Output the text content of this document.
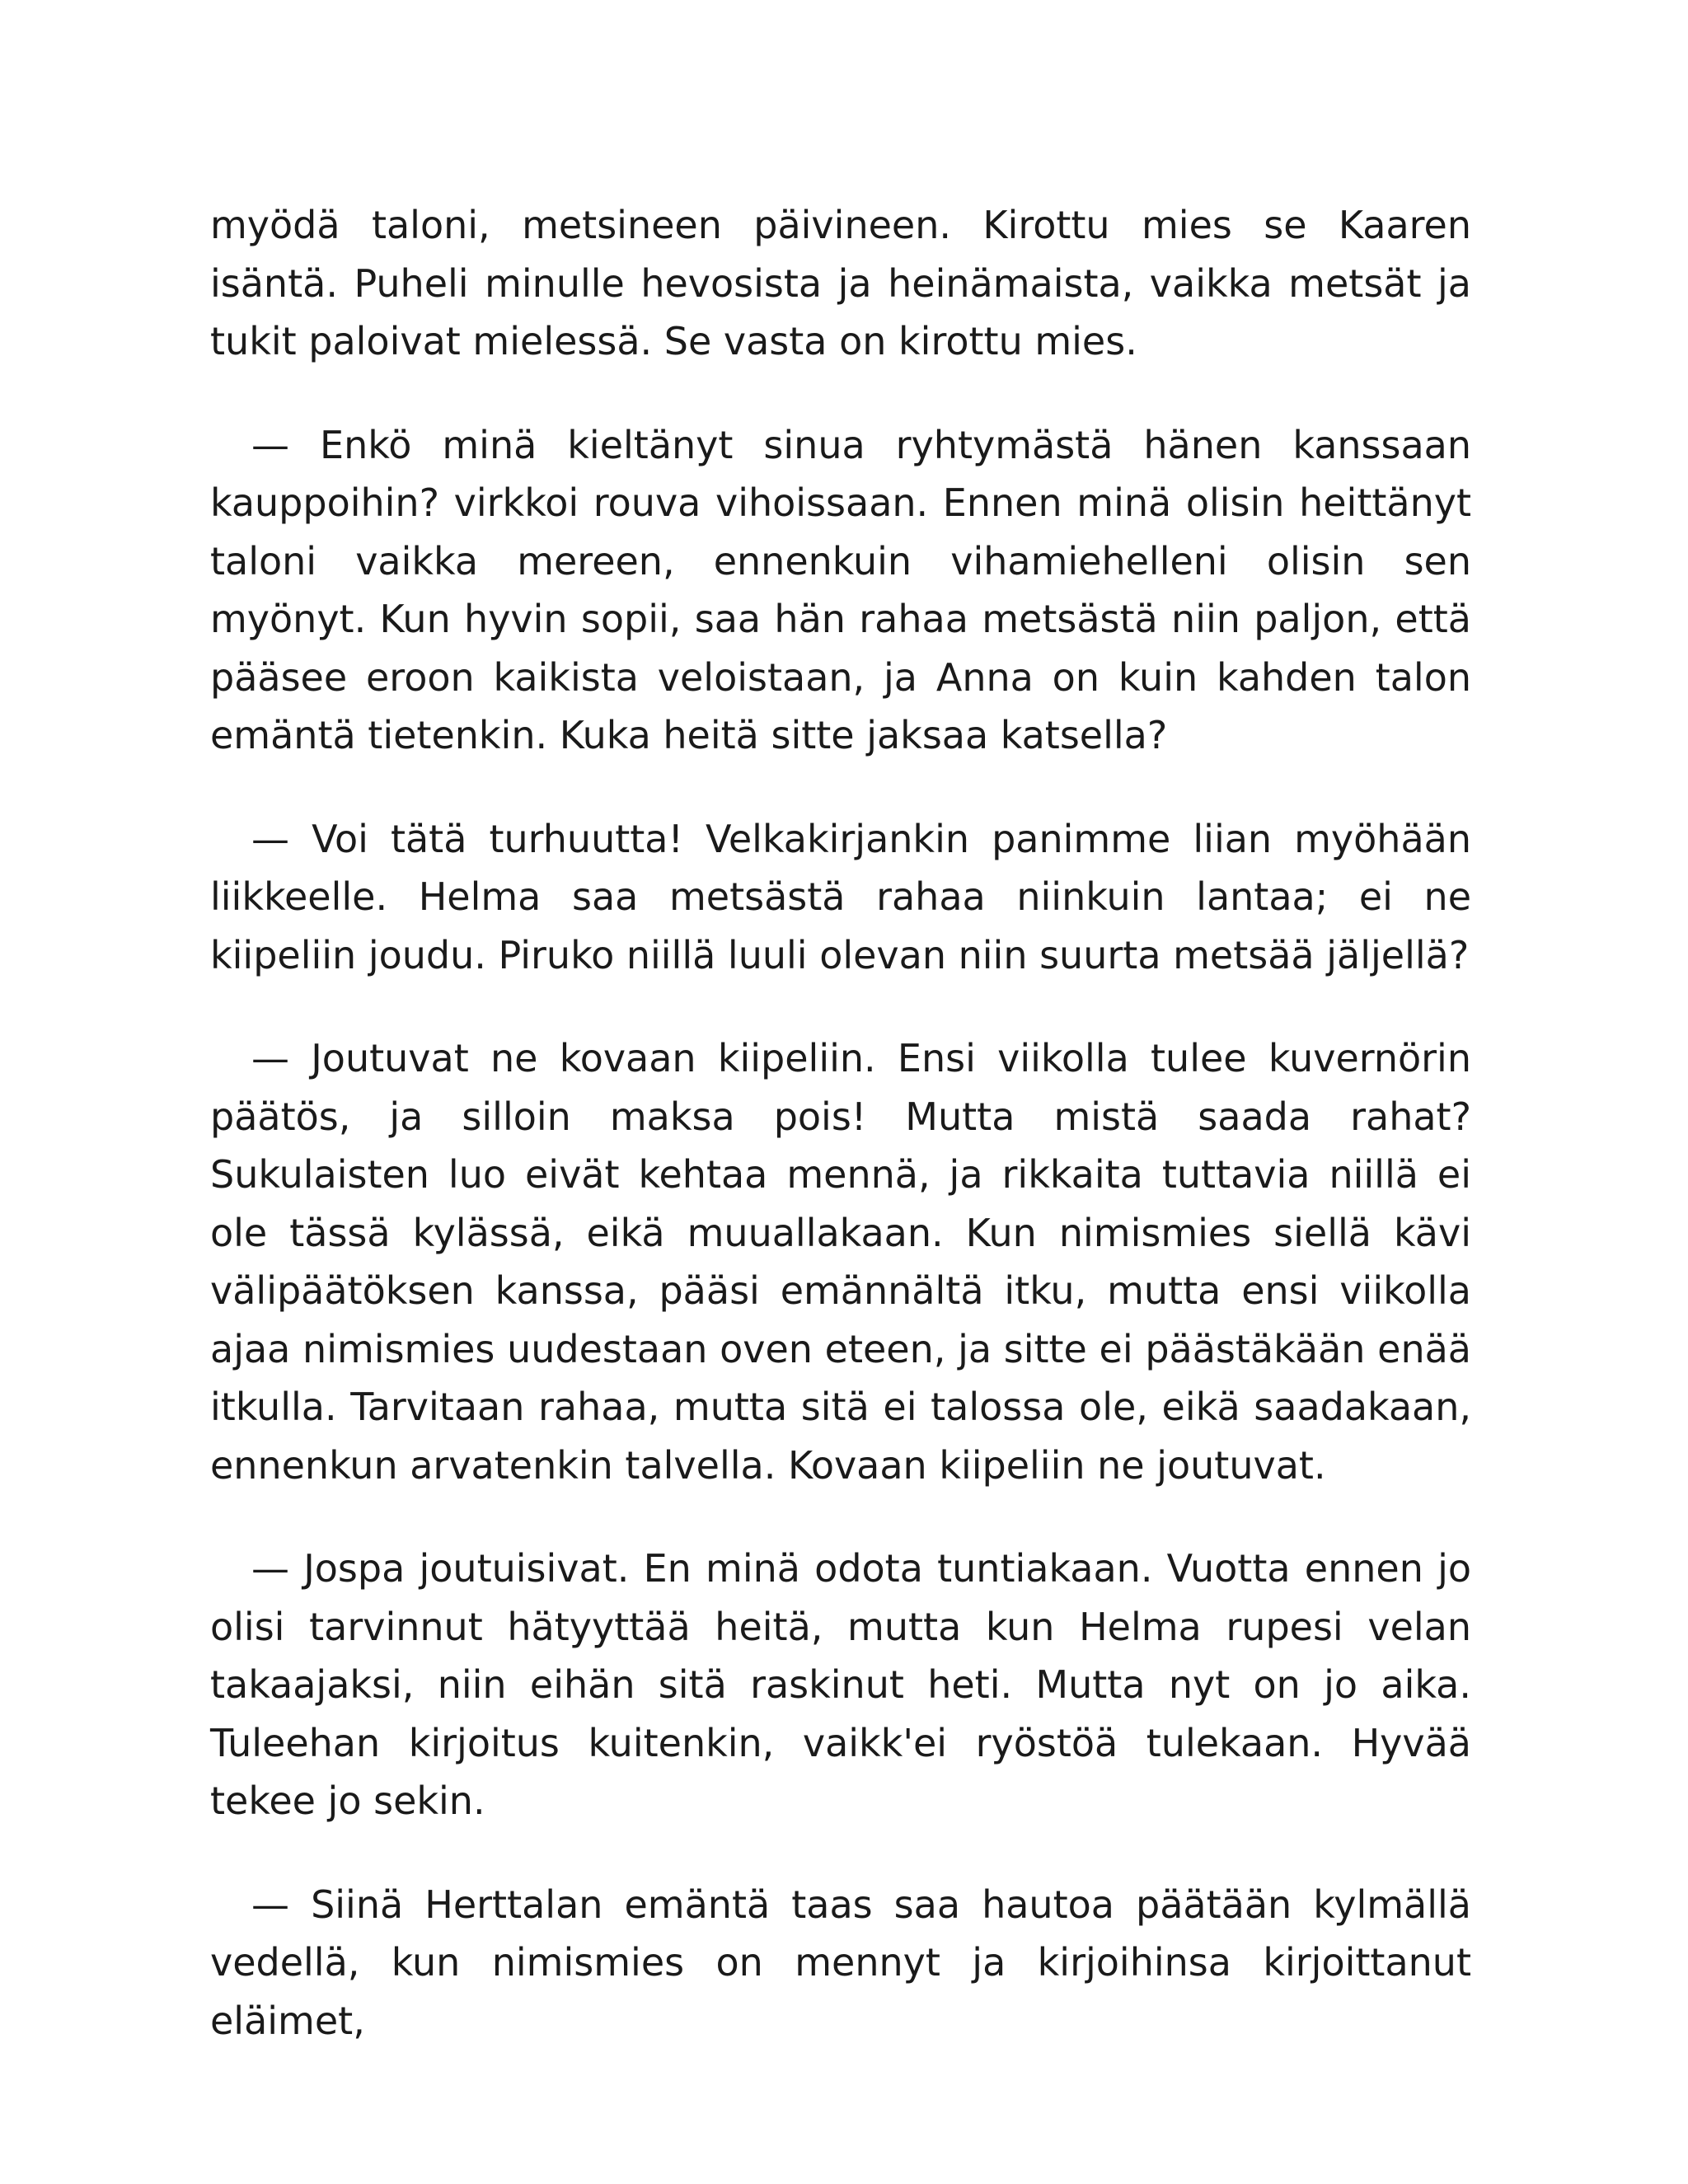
myödä taloni, metsineen päivineen. Kirottu mies se Kaaren isäntä. Puheli minulle hevosista ja heinämaista, vaikka metsät ja tukit paloivat mielessä. Se vasta on kirottu mies.

— Enkö minä kieltänyt sinua ryhtymästä hänen kanssaan kauppoihin? virkkoi rouva vihoissaan. Ennen minä olisin heittänyt taloni vaikka mereen, ennenkuin vihamiehelleni olisin sen myönyt. Kun hyvin sopii, saa hän rahaa metsästä niin paljon, että pääsee eroon kaikista veloistaan, ja Anna on kuin kahden talon emäntä tietenkin. Kuka heitä sitte jaksaa katsella?

— Voi tätä turhuutta! Velkakirjankin panimme liian myöhään liikkeelle. Helma saa metsästä rahaa niinkuin lantaa; ei ne kiipeliin joudu. Piruko niillä luuli olevan niin suurta metsää jäljellä?

— Joutuvat ne kovaan kiipeliin. Ensi viikolla tulee kuvernörin päätös, ja silloin maksa pois! Mutta mistä saada rahat? Sukulaisten luo eivät kehtaa mennä, ja rikkaita tuttavia niillä ei ole tässä kylässä, eikä muuallakaan. Kun nimismies siellä kävi välipäätöksen kanssa, pääsi emännältä itku, mutta ensi viikolla ajaa nimismies uudestaan oven eteen, ja sitte ei päästäkään enää itkulla. Tarvitaan rahaa, mutta sitä ei talossa ole, eikä saadakaan, ennenkun arvatenkin talvella. Kovaan kiipeliin ne joutuvat.

— Jospa joutuisivat. En minä odota tuntiakaan. Vuotta ennen jo olisi tarvinnut hätyyttää heitä, mutta kun Helma rupesi velan takaajaksi, niin eihän sitä raskinut heti. Mutta nyt on jo aika. Tuleehan kirjoitus kuitenkin, vaikk'ei ryöstöä tulekaan. Hyvää tekee jo sekin.

— Siinä Herttalan emäntä taas saa hautoa päätään kylmällä vedellä, kun nimismies on mennyt ja kirjoihinsa kirjoittanut eläimet,
